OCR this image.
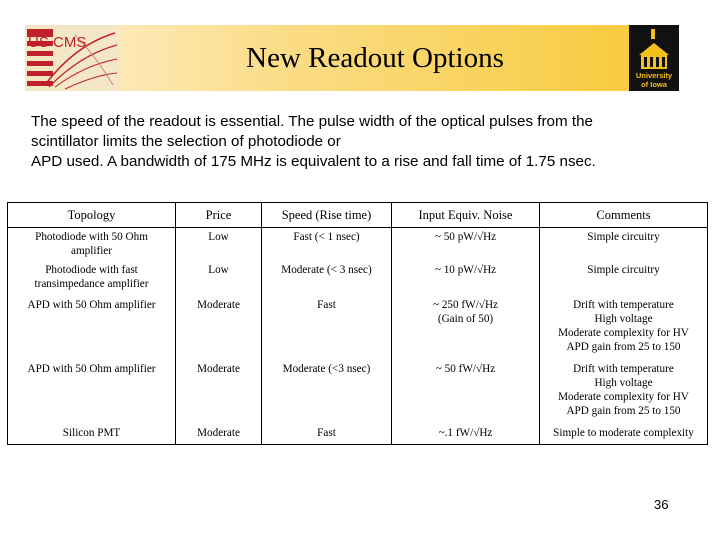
US CMS
University
of Iowa
New Readout Options
The speed of the readout is essential. The pulse width of the optical pulses from the
scintillator limits the selection of photodiode or
APD used. A bandwidth of 175 MHz is equivalent to a rise and fall time of 1.75 nsec.
Topology	Price	Speed (Rise time)	Input Equiv. Noise	Comments

Photodiode with 50 Ohm
amplifier	Low	Fast (< 1 nsec)	~ 50 pW/√Hz	Simple circuitry

Photodiode with fast
transimpedance amplifier	Low	Moderate (< 3 nsec)	~ 10 pW/√Hz	Simple circuitry

APD with 50 Ohm amplifier	Moderate	Fast	~ 250 fW/√Hz
(Gain of 50)	Drift with temperature
High voltage
Moderate complexity for HV
APD gain from 25 to 150

APD with 50 Ohm amplifier	Moderate	Moderate (<3 nsec)	~ 50 fW/√Hz	Drift with temperature
High voltage
Moderate complexity for HV
APD gain from 25 to 150

Silicon PMT	Moderate	Fast	~.1 fW/√Hz	Simple to moderate complexity
36
